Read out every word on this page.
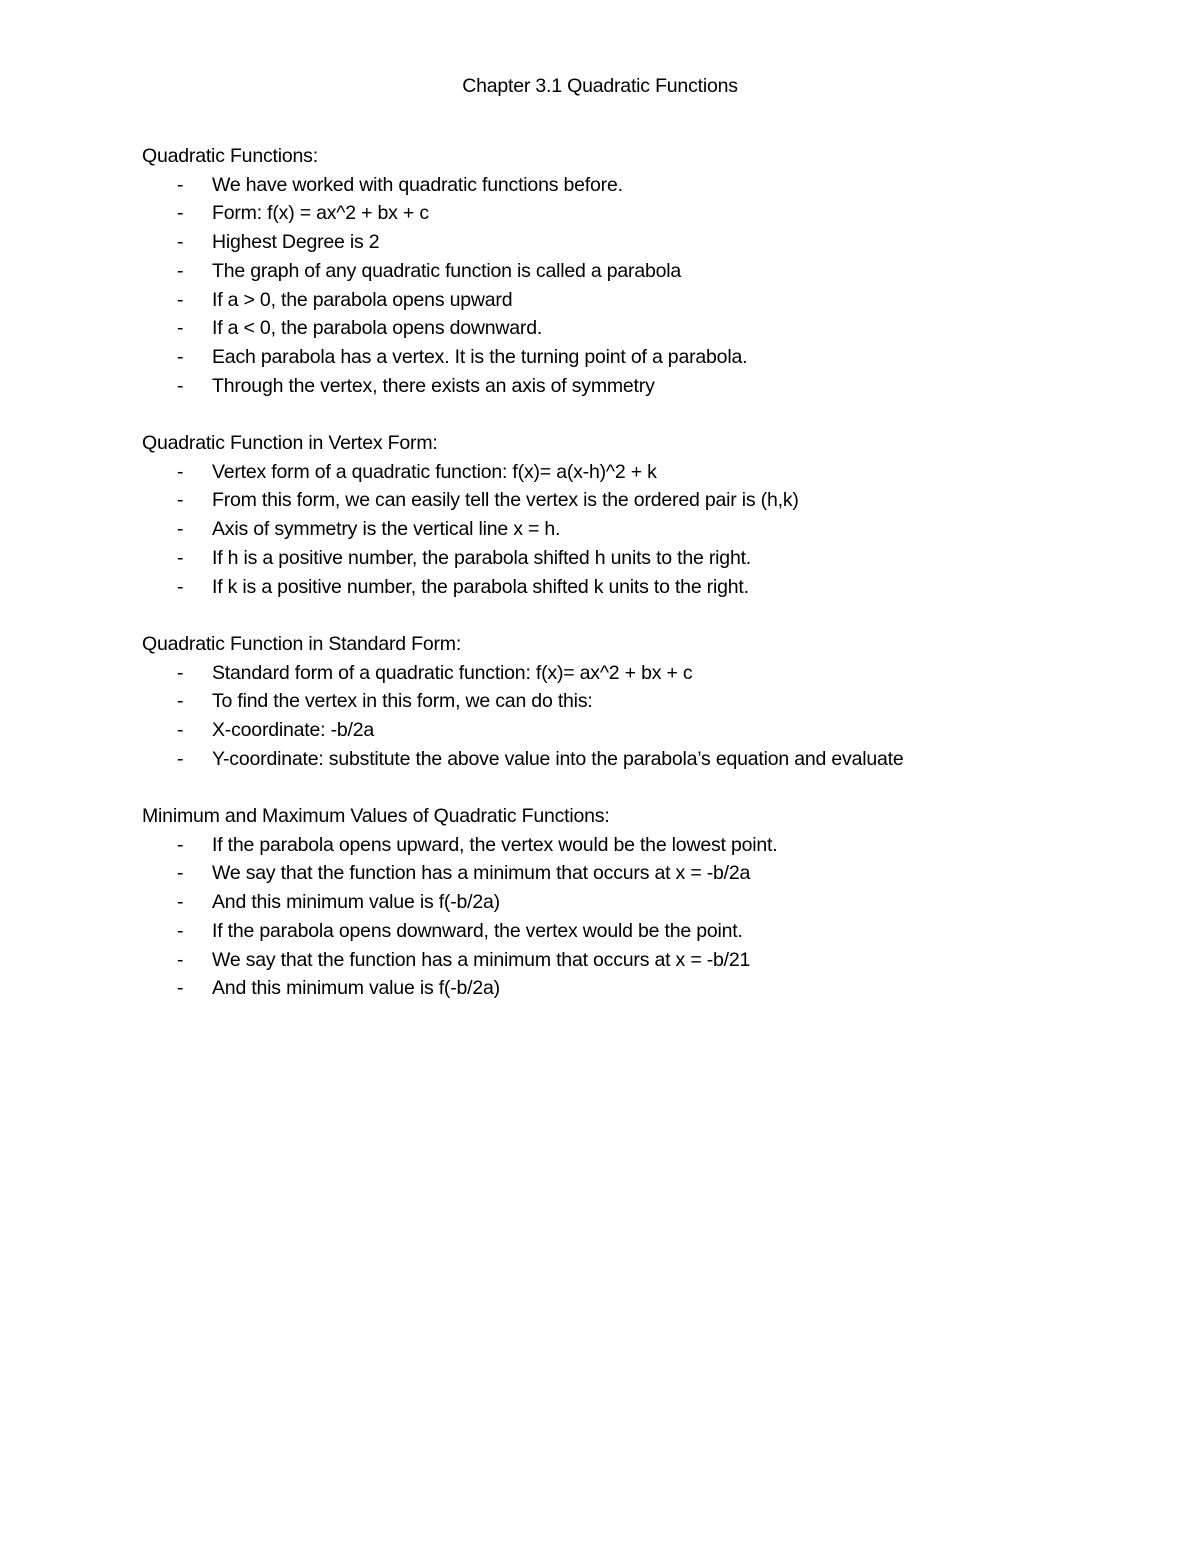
Chapter 3.1 Quadratic Functions
Quadratic Functions:
- We have worked with quadratic functions before.
- Form: f(x) = ax^2 + bx + c
- Highest Degree is 2
- The graph of any quadratic function is called a parabola
- If a > 0, the parabola opens upward
- If a < 0, the parabola opens downward.
- Each parabola has a vertex. It is the turning point of a parabola.
- Through the vertex, there exists an axis of symmetry
Quadratic Function in Vertex Form:
- Vertex form of a quadratic function: f(x)= a(x-h)^2 + k
- From this form, we can easily tell the vertex is the ordered pair is (h,k)
- Axis of symmetry is the vertical line x = h.
- If h is a positive number, the parabola shifted h units to the right.
- If k is a positive number, the parabola shifted k units to the right.
Quadratic Function in Standard Form:
- Standard form of a quadratic function: f(x)= ax^2 + bx + c
- To find the vertex in this form, we can do this:
- X-coordinate: -b/2a
- Y-coordinate: substitute the above value into the parabola’s equation and evaluate
Minimum and Maximum Values of Quadratic Functions:
- If the parabola opens upward, the vertex would be the lowest point.
- We say that the function has a minimum that occurs at x = -b/2a
- And this minimum value is f(-b/2a)
- If the parabola opens downward, the vertex would be the point.
- We say that the function has a minimum that occurs at x = -b/21
- And this minimum value is f(-b/2a)
